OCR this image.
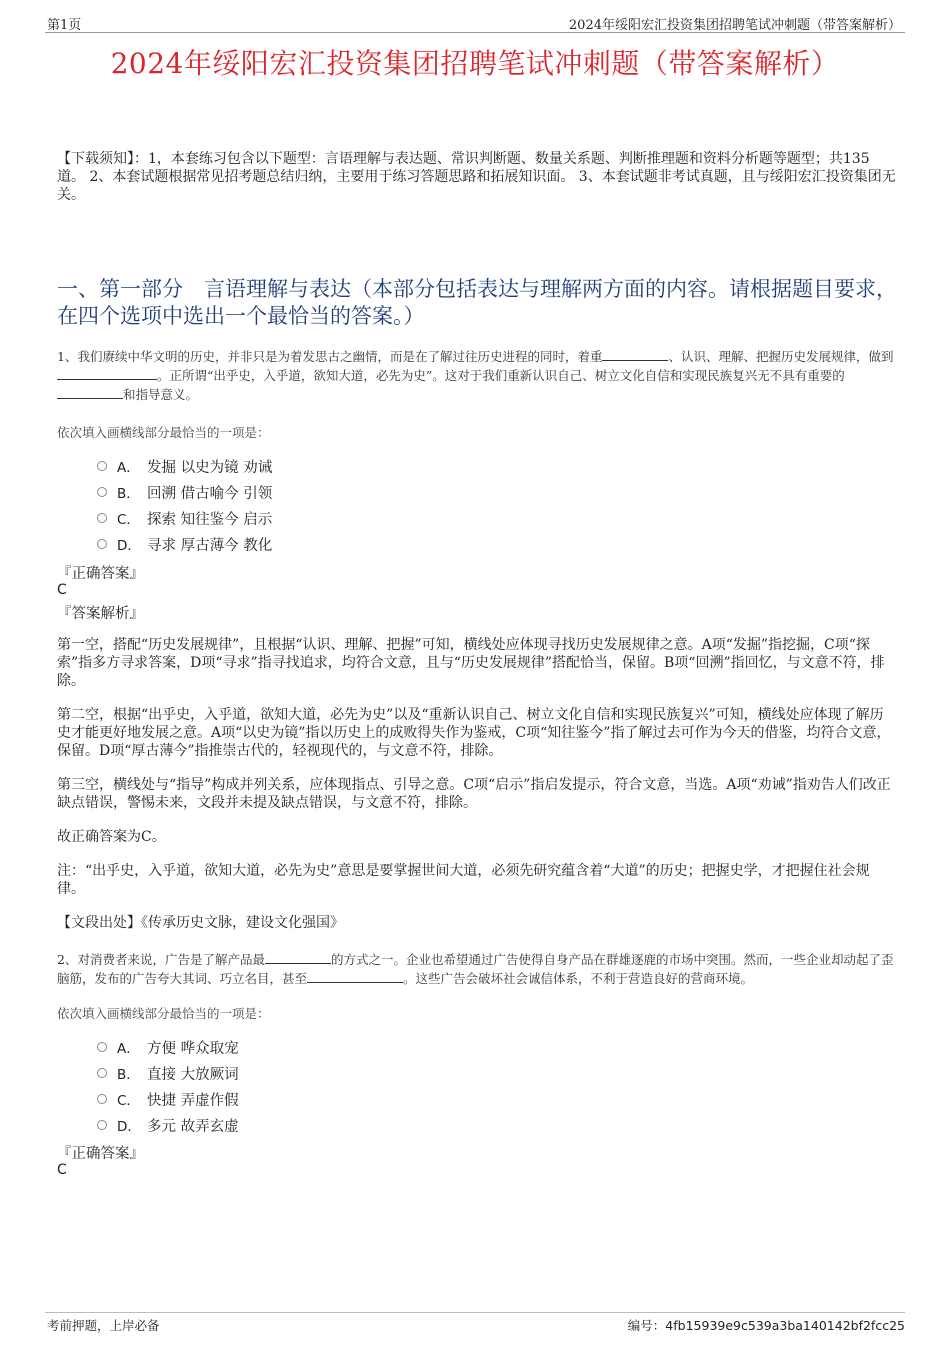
第1页	2024年绥阳宏汇投资集团招聘笔试冲刺题（带答案解析）
2024年绥阳宏汇投资集团招聘笔试冲刺题（带答案解析）
【下载须知】：1，本套练习包含以下题型：言语理解与表达题、常识判断题、数量关系题、判断推理题和资料分析题等题型；共135道。 2、本套试题根据常见招考题总结归纳，主要用于练习答题思路和拓展知识面。 3、本套试题非考试真题，且与绥阳宏汇投资集团无关。
一、第一部分　言语理解与表达（本部分包括表达与理解两方面的内容。请根据题目要求，在四个选项中选出一个最恰当的答案。）
1、我们赓续中华文明的历史，并非只是为着发思古之幽情，而是在了解过往历史进程的同时，着重	、认识、理解、把握历史发展规律，做到。正所谓“出乎史，入乎道，欲知大道，必先为史”。这对于我们重新认识自己、树立文化自信和实现民族复兴无不具有重要的和指导意义。
依次填入画横线部分最恰当的一项是：
A． 发掘 以史为镜 劝诫
B． 回溯 借古喻今 引领
C． 探索 知往鉴今 启示
D． 寻求 厚古薄今 教化
『正确答案』
C
『答案解析』
第一空，搭配“历史发展规律”，且根据“认识、理解、把握”可知，横线处应体现寻找历史发展规律之意。A项“发掘”指挖掘，C项“探索”指多方寻求答案，D项“寻求”指寻找追求，均符合文意，且与“历史发展规律”搭配恰当，保留。B项“回溯”指回忆，与文意不符，排除。
第二空，根据“出乎史，入乎道，欲知大道，必先为史”以及“重新认识自己、树立文化自信和实现民族复兴”可知，横线处应体现了解历史才能更好地发展之意。A项“以史为镜”指以历史上的成败得失作为鉴戒，C项“知往鉴今”指了解过去可作为今天的借鉴，均符合文意，保留。D项“厚古薄今”指推崇古代的，轻视现代的，与文意不符，排除。
第三空，横线处与“指导”构成并列关系，应体现指点、引导之意。C项“启示”指启发提示，符合文意，当选。A项“劝诫”指劝告人们改正缺点错误，警惕未来，文段并未提及缺点错误，与文意不符，排除。
故正确答案为C。
注：“出乎史，入乎道，欲知大道，必先为史”意思是要掌握世间大道，必须先研究蕴含着“大道”的历史；把握史学，才把握住社会规律。
【文段出处】《传承历史文脉，建设文化强国》
2、对消费者来说，广告是了解产品最	的方式之一。企业也希望通过广告使得自身产品在群雄逐鹿的市场中突围。然而，一些企业却动起了歪脑筋，发布的广告夸大其词、巧立名目，甚至	。这些广告会破坏社会诚信体系，不利于营造良好的营商环境。
依次填入画横线部分最恰当的一项是：
A． 方便 哗众取宠
B． 直接 大放厥词
C． 快捷 弄虚作假
D． 多元 故弄玄虚
『正确答案』
C
考前押题，上岸必备	编号：4fb15939e9c539a3ba140142bf2fcc25
